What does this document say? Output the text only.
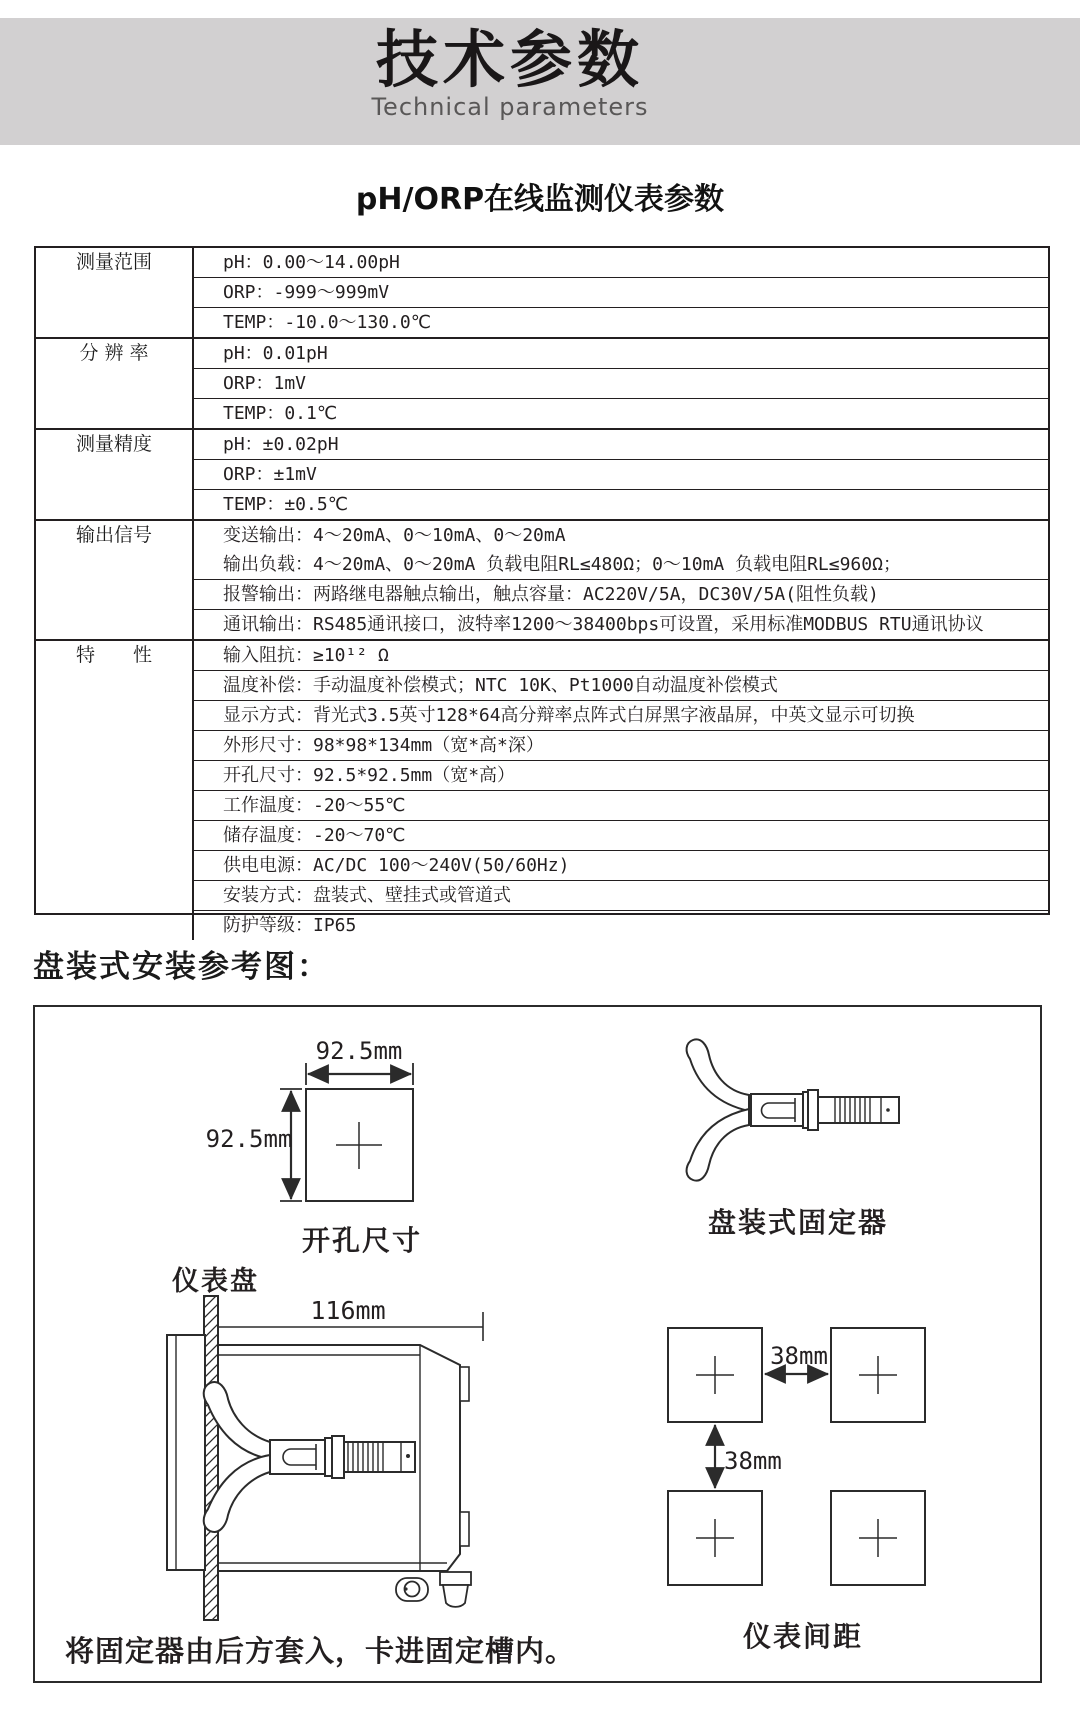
技术参数
Technical parameters
pH/ORP在线监测仪表参数
测量范围	pH：0.00～14.00pH
ORP：-999～999mV
TEMP：-10.0～130.0℃
分 辨 率	pH：0.01pH
ORP：1mV
TEMP：0.1℃
测量精度	pH：±0.02pH
ORP：±1mV
TEMP：±0.5℃
输出信号	变送输出：4～20mA、0～10mA、0～20mA
输出负载：4～20mA、0～20mA 负载电阻RL≤480Ω；0～10mA 负载电阻RL≤960Ω；
报警输出：两路继电器触点输出，触点容量：AC220V/5A，DC30V/5A(阻性负载)
通讯输出：RS485通讯接口，波特率1200～38400bps可设置，采用标准MODBUS RTU通讯协议
特　　性	输入阻抗：≥10¹² Ω
温度补偿：手动温度补偿模式；NTC 10K、Pt1000自动温度补偿模式
显示方式：背光式3.5英寸128*64高分辩率点阵式白屏黑字液晶屏，中英文显示可切换
外形尺寸：98*98*134mm（宽*高*深）
开孔尺寸：92.5*92.5mm（宽*高）
工作温度：-20～55℃
储存温度：-20～70℃
供电电源：AC/DC 100～240V(50/60Hz)
安装方式：盘装式、壁挂式或管道式
防护等级：IP65
盘装式安装参考图：
92.5mm
92.5mm
开孔尺寸
盘装式固定器
仪表盘
116mm
将固定器由后方套入，卡进固定槽内。
38mm
38mm
仪表间距
